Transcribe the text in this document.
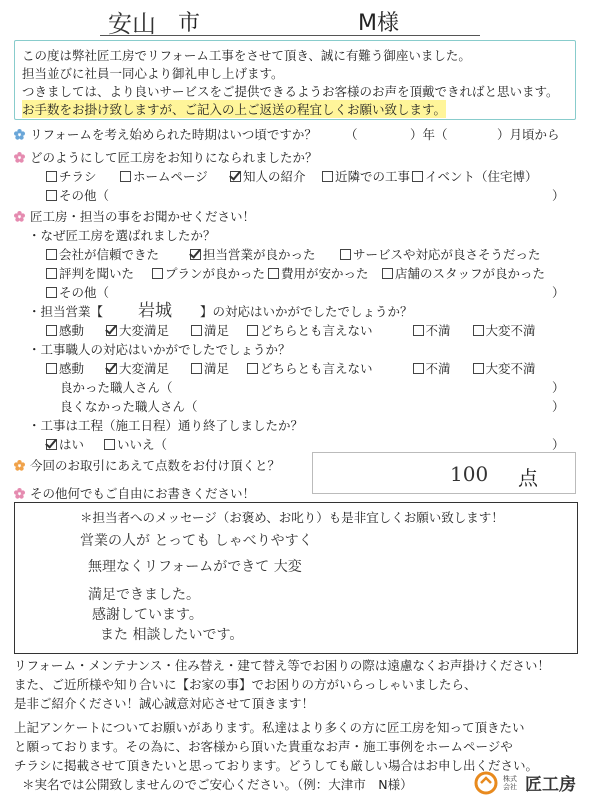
安山 市	M様
この度は弊社匠工房でリフォーム工事をさせて頂き、誠に有難う御座いました。
担当並びに社員一同心より御礼申し上げます。
つきましては、より良いサービスをご提供できるようお客様のお声を頂戴できればと思います。
お手数をお掛け致しますが、ご記入の上ご返送の程宜しくお願い致します。
リフォームを考え始められた時期はいつ頃ですか？ （	）年（	）月頃から
どのようにして匠工房をお知りになられましたか？
チラシ	ホームページ	知人の紹介	近隣での工事	イベント（住宅博）
その他（	）
匠工房・担当の事をお聞かせください！
・なぜ匠工房を選ばれましたか？
会社が信頼できた	担当営業が良かった	サービスや対応が良さそうだった
評判を聞いた	プランが良かった	費用が安かった	店舗のスタッフが良かった
その他（	）
・担当営業【 岩城 】の対応はいかがでしたでしょうか？
感動	大変満足	満足 どちらとも言えない	不満	大変不満
・工事職人の対応はいかがでしたでしょうか？
感動	大変満足	満足 どちらとも言えない	不満	大変不満
良かった職人さん（	）
良くなかった職人さん（	）
・工事は工程（施工日程）通り終了しましたか？
はい	いいえ（	）
今回のお取引にあえて点数をお付け頂くと？	100 点
その他何でもご自由にお書きください！
＊担当者へのメッセージ（お褒め、お叱り）も是非宜しくお願い致します！
営業の人が とっても しゃべりやすく
無理なくリフォームができて 大変
満足できました。
感謝しています。
また 相談したいです。
リフォーム・メンテナンス・住み替え・建て替え等でお困りの際は遠慮なくお声掛けください！
また、ご近所様や知り合いに【お家の事】でお困りの方がいらっしゃいましたら、
是非ご紹介ください！誠心誠意対応させて頂きます！
上記アンケートについてお願いがあります。私達はより多くの方に匠工房を知って頂きたい
と願っております。その為に、お客様から頂いた貴重なお声・施工事例をホームページや
チラシに掲載させて頂きたいと思っております。どうしても厳しい場合はお申し出ください。
＊実名では公開致しませんのでご安心ください。（例：大津市　N様）	株式会社 匠工房
